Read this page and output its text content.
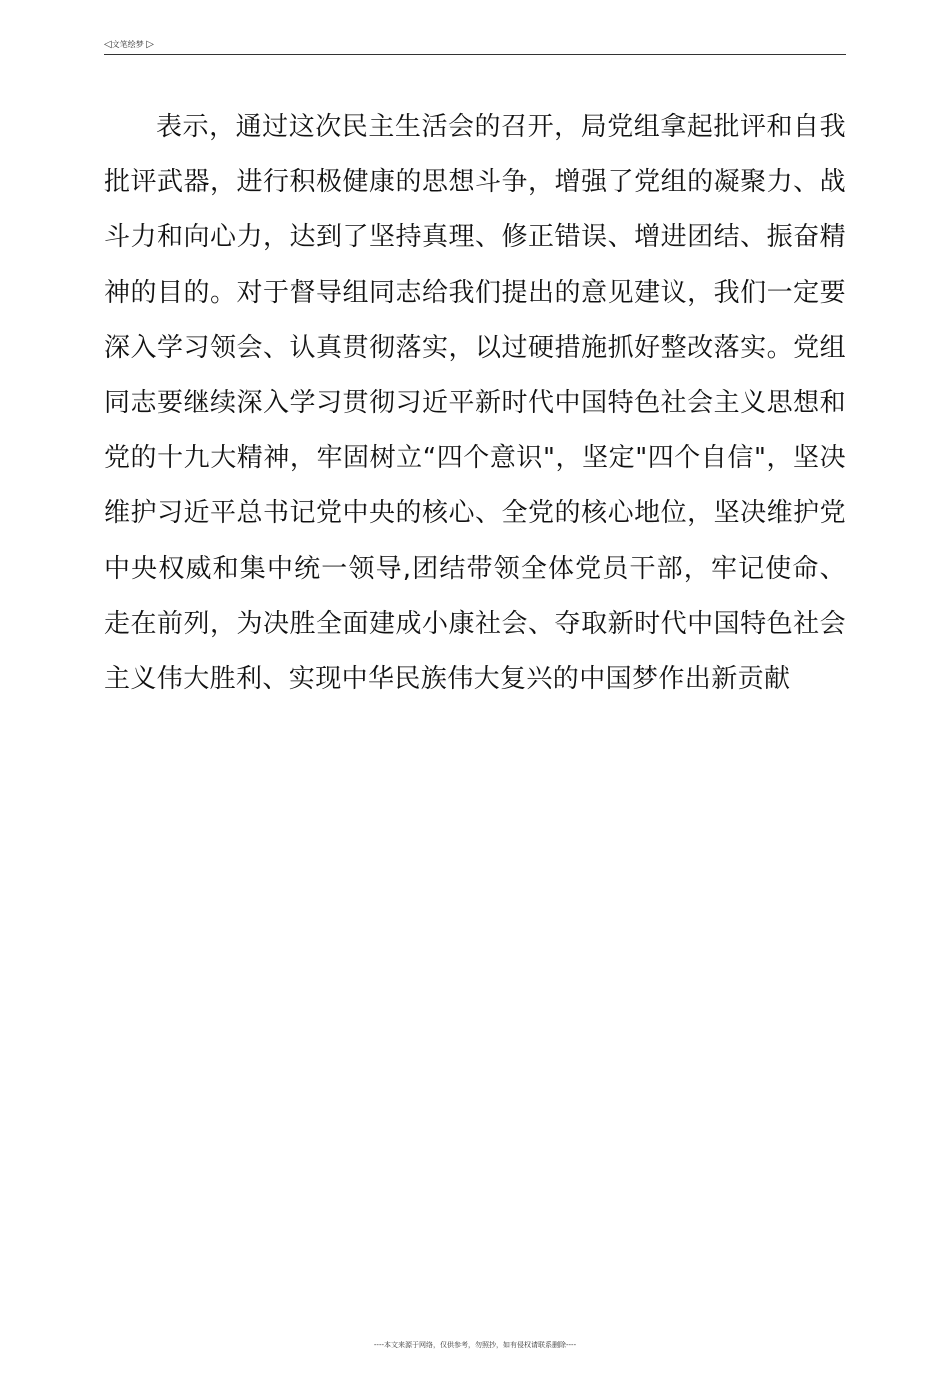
◁文笔绘梦 ▷

表示，通过这次民主生活会的召开，局党组拿起批评和自我批评武器，进行积极健康的思想斗争，增强了党组的凝聚力、战斗力和向心力，达到了坚持真理、修正错误、增进团结、振奋精神的目的。对于督导组同志给我们提出的意见建议，我们一定要深入学习领会、认真贯彻落实，以过硬措施抓好整改落实。党组同志要继续深入学习贯彻习近平新时代中国特色社会主义思想和党的十九大精神，牢固树立“四个意识"，坚定"四个自信"，坚决维护习近平总书记党中央的核心、全党的核心地位，坚决维护党中央权威和集中统一领导,团结带领全体党员干部，牢记使命、走在前列，为决胜全面建成小康社会、夺取新时代中国特色社会主义伟大胜利、实现中华民族伟大复兴的中国梦作出新贡献

----本文来源于网络，仅供参考，勿照抄，如有侵权请联系删除----
